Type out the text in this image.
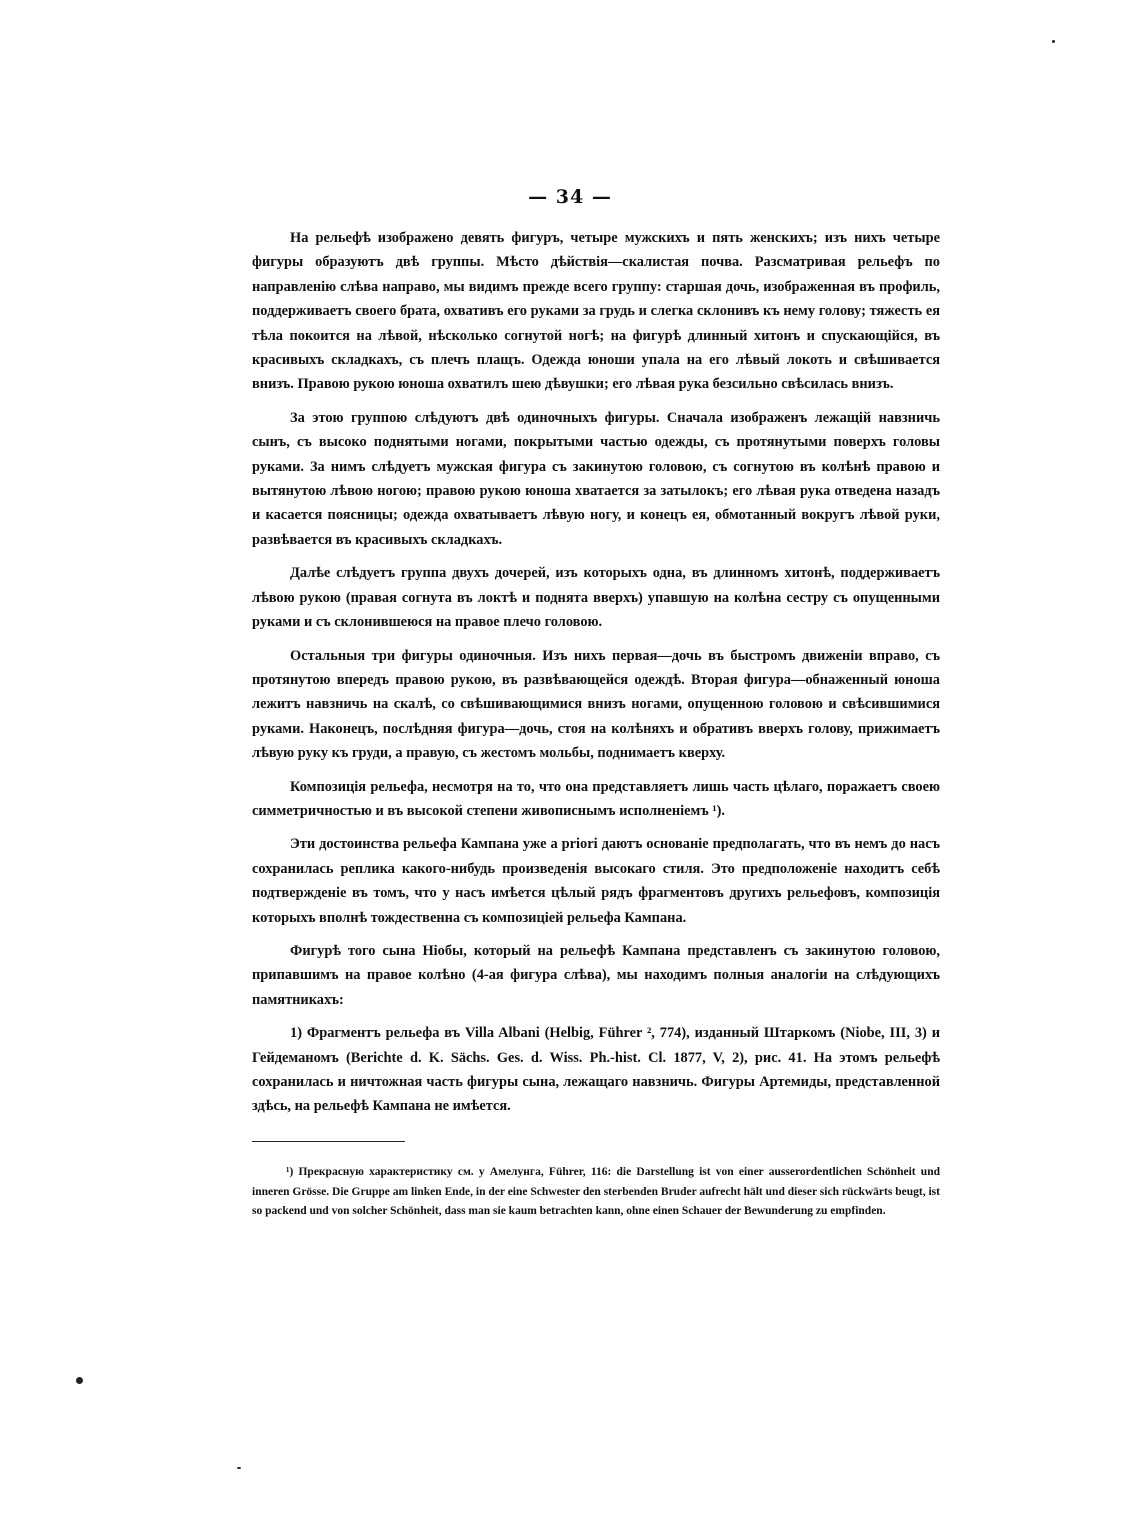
— 34 —

На рельефѣ изображено девять фигуръ, четыре мужскихъ и пять женскихъ; изъ нихъ четыре фигуры образуютъ двѣ группы. Мѣсто дѣйствія—скалистая почва. Разсматривая рельефъ по направленію слѣва направо, мы видимъ прежде всего группу: старшая дочь, изображенная въ профиль, поддерживаетъ своего брата, охвативъ его руками за грудь и слегка склонивъ къ нему голову; тяжесть ея тѣла покоится на лѣвой, нѣсколько согнутой ногѣ; на фигурѣ длинный хитонъ и спускающійся, въ красивыхъ складкахъ, съ плечъ плащъ. Одежда юноши упала на его лѣвый локоть и свѣшивается внизъ. Правою рукою юноша охватилъ шею дѣвушки; его лѣвая рука безсильно свѣсилась внизъ.

За этою группою слѣдуютъ двѣ одиночныхъ фигуры. Сначала изображенъ лежащій навзничь сынъ, съ высоко поднятыми ногами, покрытыми частью одежды, съ протянутыми поверхъ головы руками. За нимъ слѣдуетъ мужская фигура съ закинутою головою, съ согнутою въ колѣнѣ правою и вытянутою лѣвою ногою; правою рукою юноша хватается за затылокъ; его лѣвая рука отведена назадъ и касается поясницы; одежда охватываетъ лѣвую ногу, и конецъ ея, обмотанный вокругъ лѣвой руки, развѣвается въ красивыхъ складкахъ.

Далѣе слѣдуетъ группа двухъ дочерей, изъ которыхъ одна, въ длинномъ хитонѣ, поддерживаетъ лѣвою рукою (правая согнута въ локтѣ и поднята вверхъ) упавшую на колѣна сестру съ опущенными руками и съ склонившеюся на правое плечо головою.

Остальныя три фигуры одиночныя. Изъ нихъ первая—дочь въ быстромъ движеніи вправо, съ протянутою впередъ правою рукою, въ развѣвающейся одеждѣ. Вторая фигура—обнаженный юноша лежитъ навзничь на скалѣ, со свѣшивающимися внизъ ногами, опущенною головою и свѣсившимися руками. Наконецъ, послѣдняя фигура—дочь, стоя на колѣняхъ и обративъ вверхъ голову, прижимаетъ лѣвую руку къ груди, а правую, съ жестомъ мольбы, поднимаетъ кверху.

Композиція рельефа, несмотря на то, что она представляетъ лишь часть цѣлаго, поражаетъ своею симметричностью и въ высокой степени живописнымъ исполненіемъ ¹).

Эти достоинства рельефа Кампана уже a priori даютъ основаніе предполагать, что въ немъ до насъ сохранилась реплика какого-нибудь произведенія высокаго стиля. Это предположеніе находитъ себѣ подтвержденіе въ томъ, что у насъ имѣется цѣлый рядъ фрагментовъ другихъ рельефовъ, композиція которыхъ вполнѣ тождественна съ композиціей рельефа Кампана.

Фигурѣ того сына Ніобы, который на рельефѣ Кампана представленъ съ закинутою головою, припавшимъ на правое колѣно (4-ая фигура слѣва), мы находимъ полныя аналогіи на слѣдующихъ памятникахъ:

1) Фрагментъ рельефа въ Villa Albani (Helbig, Führer ², 774), изданный Штаркомъ (Niobe, III, 3) и Гейдеманомъ (Berichte d. K. Sächs. Ges. d. Wiss. Ph.-hist. Cl. 1877, V, 2), рис. 41. На этомъ рельефѣ сохранилась и ничтожная часть фигуры сына, лежащаго навзничь. Фигуры Артемиды, представленной здѣсь, на рельефѣ Кампана не имѣется.

¹) Прекрасную характеристику см. у Амелунга, Führer, 116: die Darstellung ist von einer ausserordentlichen Schönheit und inneren Grösse. Die Gruppe am linken Ende, in der eine Schwester den sterbenden Bruder aufrecht hält und dieser sich rückwärts beugt, ist so packend und von solcher Schönheit, dass man sie kaum betrachten kann, ohne einen Schauer der Bewunderung zu empfinden.
